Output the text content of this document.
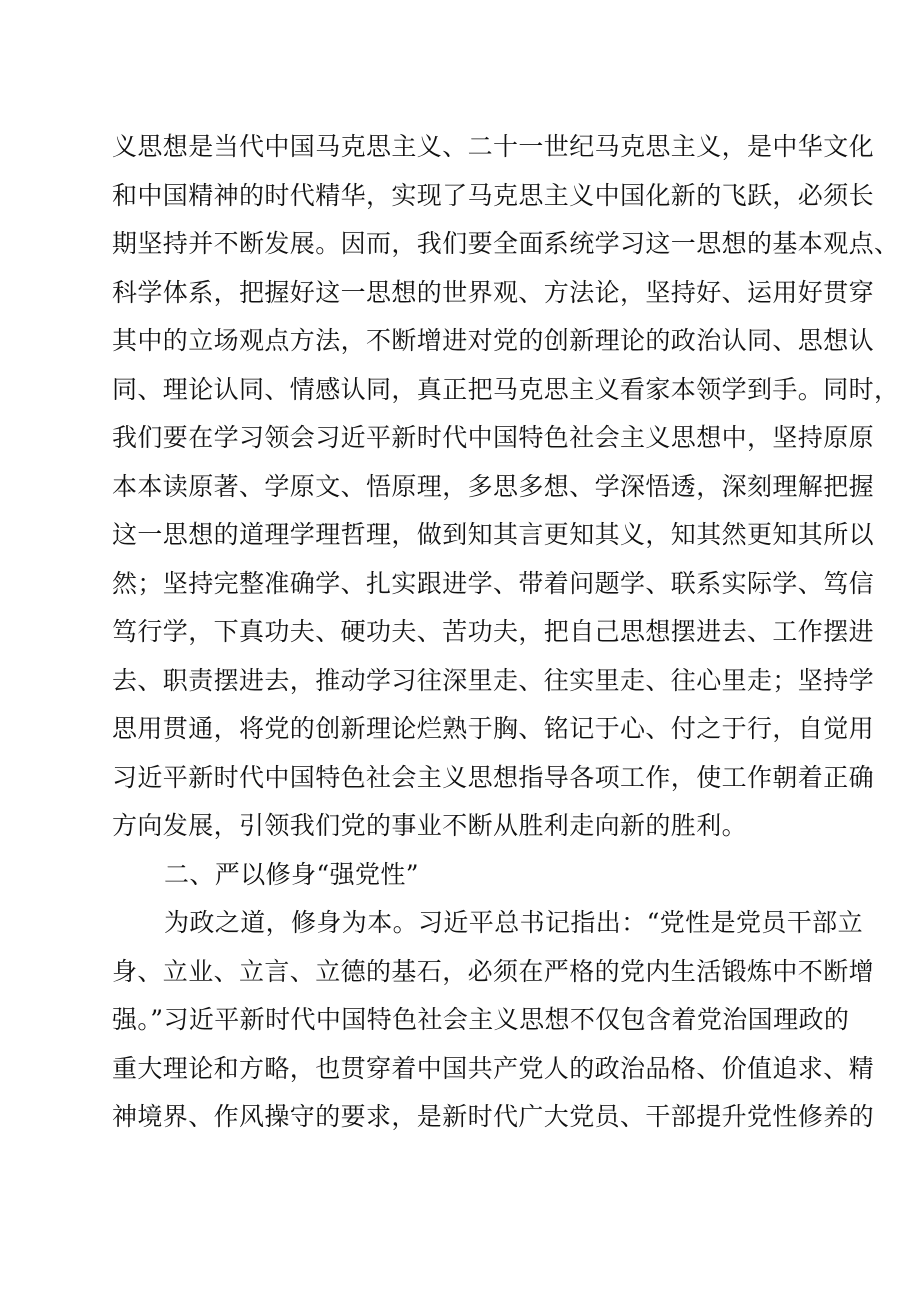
义思想是当代中国马克思主义、二十一世纪马克思主义，是中华文化
和中国精神的时代精华，实现了马克思主义中国化新的飞跃，必须长
期坚持并不断发展。因而，我们要全面系统学习这一思想的基本观点、
科学体系，把握好这一思想的世界观、方法论，坚持好、运用好贯穿
其中的立场观点方法，不断增进对党的创新理论的政治认同、思想认
同、理论认同、情感认同，真正把马克思主义看家本领学到手。同时，
我们要在学习领会习近平新时代中国特色社会主义思想中，坚持原原
本本读原著、学原文、悟原理，多思多想、学深悟透，深刻理解把握
这一思想的道理学理哲理，做到知其言更知其义，知其然更知其所以
然；坚持完整准确学、扎实跟进学、带着问题学、联系实际学、笃信
笃行学，下真功夫、硬功夫、苦功夫，把自己思想摆进去、工作摆进
去、职责摆进去，推动学习往深里走、往实里走、往心里走；坚持学
思用贯通，将党的创新理论烂熟于胸、铭记于心、付之于行，自觉用
习近平新时代中国特色社会主义思想指导各项工作，使工作朝着正确
方向发展，引领我们党的事业不断从胜利走向新的胜利。
二、严以修身“强党性”
为政之道，修身为本。习近平总书记指出：“党性是党员干部立
身、立业、立言、立德的基石，必须在严格的党内生活锻炼中不断增
强。”习近平新时代中国特色社会主义思想不仅包含着党治国理政的
重大理论和方略，也贯穿着中国共产党人的政治品格、价值追求、精
神境界、作风操守的要求，是新时代广大党员、干部提升党性修养的
